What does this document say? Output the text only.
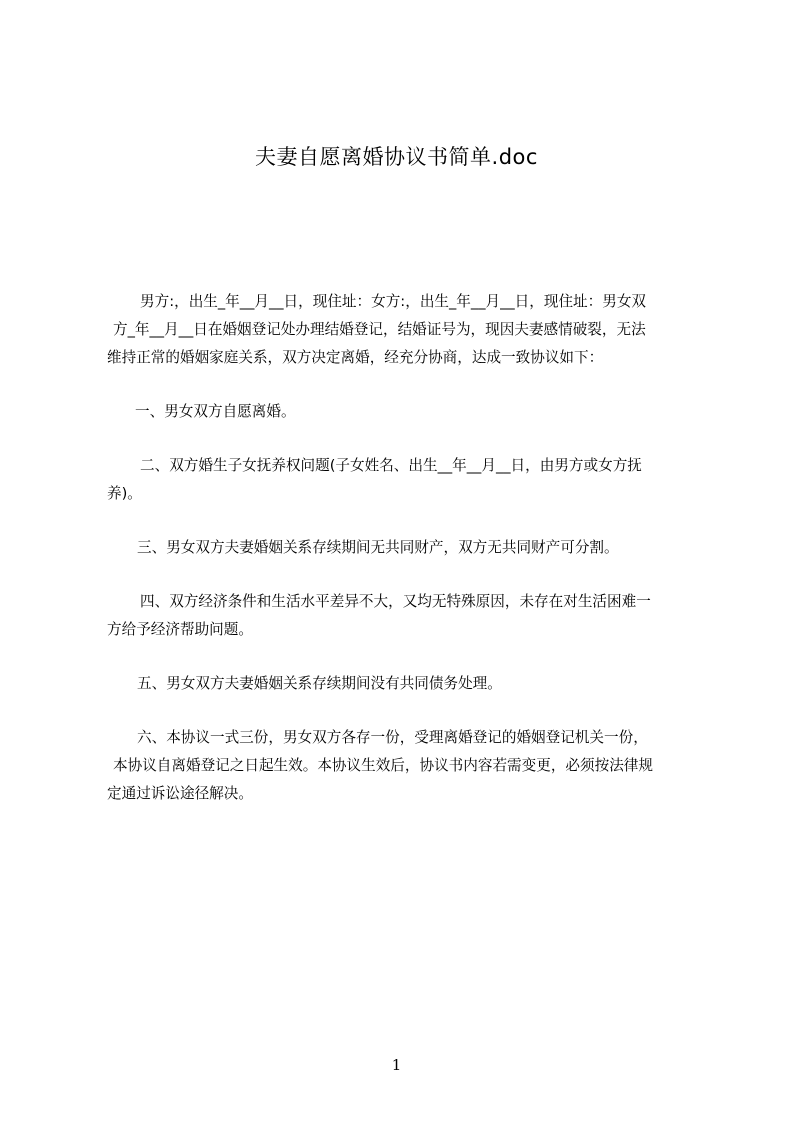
夫妻自愿离婚协议书简单.doc
男方:，出生_年__月__日，现住址：女方:，出生_年__月__日，现住址：男女双
方_年__月__日在婚姻登记处办理结婚登记，结婚证号为，现因夫妻感情破裂，无法
维持正常的婚姻家庭关系，双方决定离婚，经充分协商，达成一致协议如下：
一、男女双方自愿离婚。
二、双方婚生子女抚养权问题(子女姓名、出生__年__月__日，由男方或女方抚
养)。
三、男女双方夫妻婚姻关系存续期间无共同财产，双方无共同财产可分割。
四、双方经济条件和生活水平差异不大，又均无特殊原因，未存在对生活困难一
方给予经济帮助问题。
五、男女双方夫妻婚姻关系存续期间没有共同债务处理。
六、本协议一式三份，男女双方各存一份，受理离婚登记的婚姻登记机关一份，
本协议自离婚登记之日起生效。本协议生效后，协议书内容若需变更，必须按法律规
定通过诉讼途径解决。
1
